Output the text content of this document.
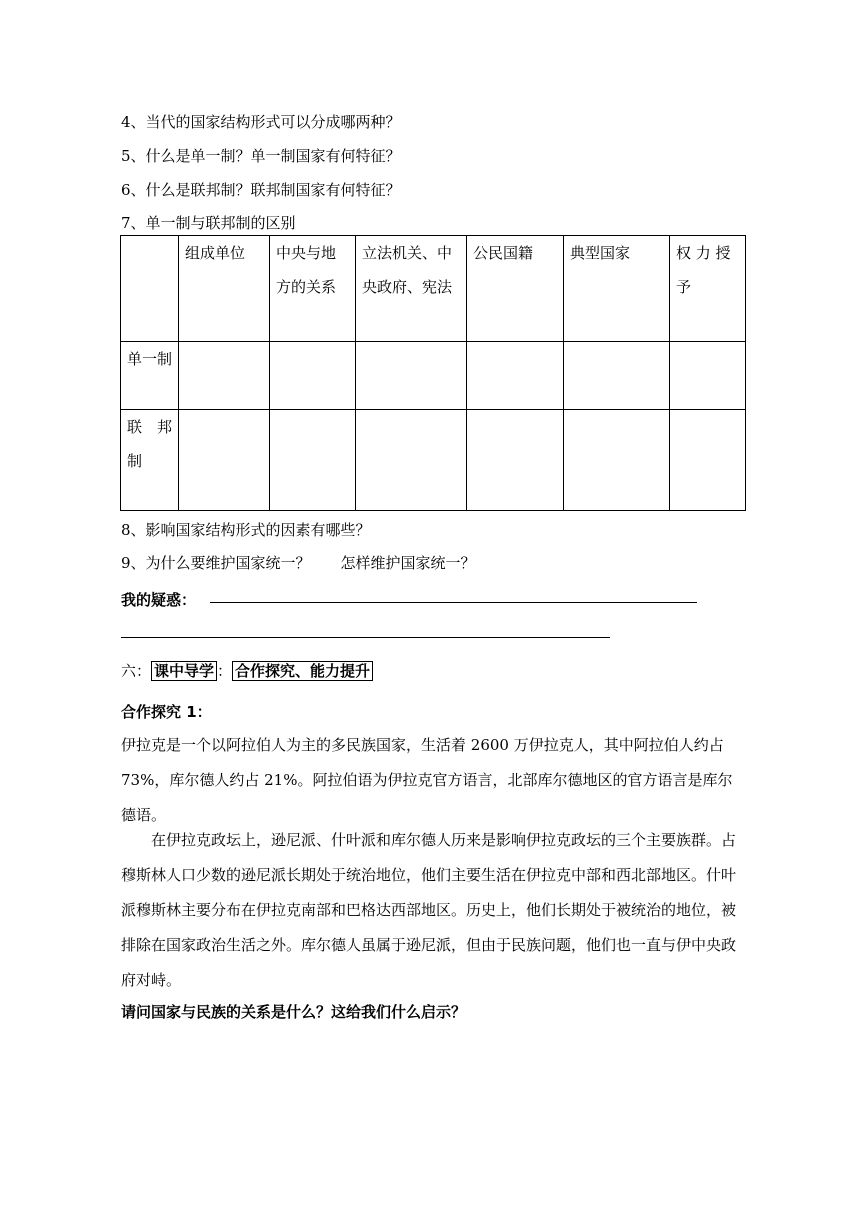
4、当代的国家结构形式可以分成哪两种？
5、什么是单一制？单一制国家有何特征？
6、什么是联邦制？联邦制国家有何特征？
7、单一制与联邦制的区别
	组成单位	中央与地方的关系	立法机关、中央政府、宪法	公民国籍	典型国家	权 力 授 予
单一制						
联　邦制						
8、影响国家结构形式的因素有哪些？
9、为什么要维护国家统一？　　怎样维护国家统一？
我的疑惑：
六： 课中导学 ： 合作探究、能力提升
合作探究 1：
伊拉克是一个以阿拉伯人为主的多民族国家，生活着 2600 万伊拉克人，其中阿拉伯人约占 73%，库尔德人约占 21%。阿拉伯语为伊拉克官方语言，北部库尔德地区的官方语言是库尔德语。
在伊拉克政坛上，逊尼派、什叶派和库尔德人历来是影响伊拉克政坛的三个主要族群。占穆斯林人口少数的逊尼派长期处于统治地位，他们主要生活在伊拉克中部和西北部地区。什叶派穆斯林主要分布在伊拉克南部和巴格达西部地区。历史上，他们长期处于被统治的地位，被排除在国家政治生活之外。库尔德人虽属于逊尼派，但由于民族问题，他们也一直与伊中央政府对峙。
请问国家与民族的关系是什么？这给我们什么启示？
